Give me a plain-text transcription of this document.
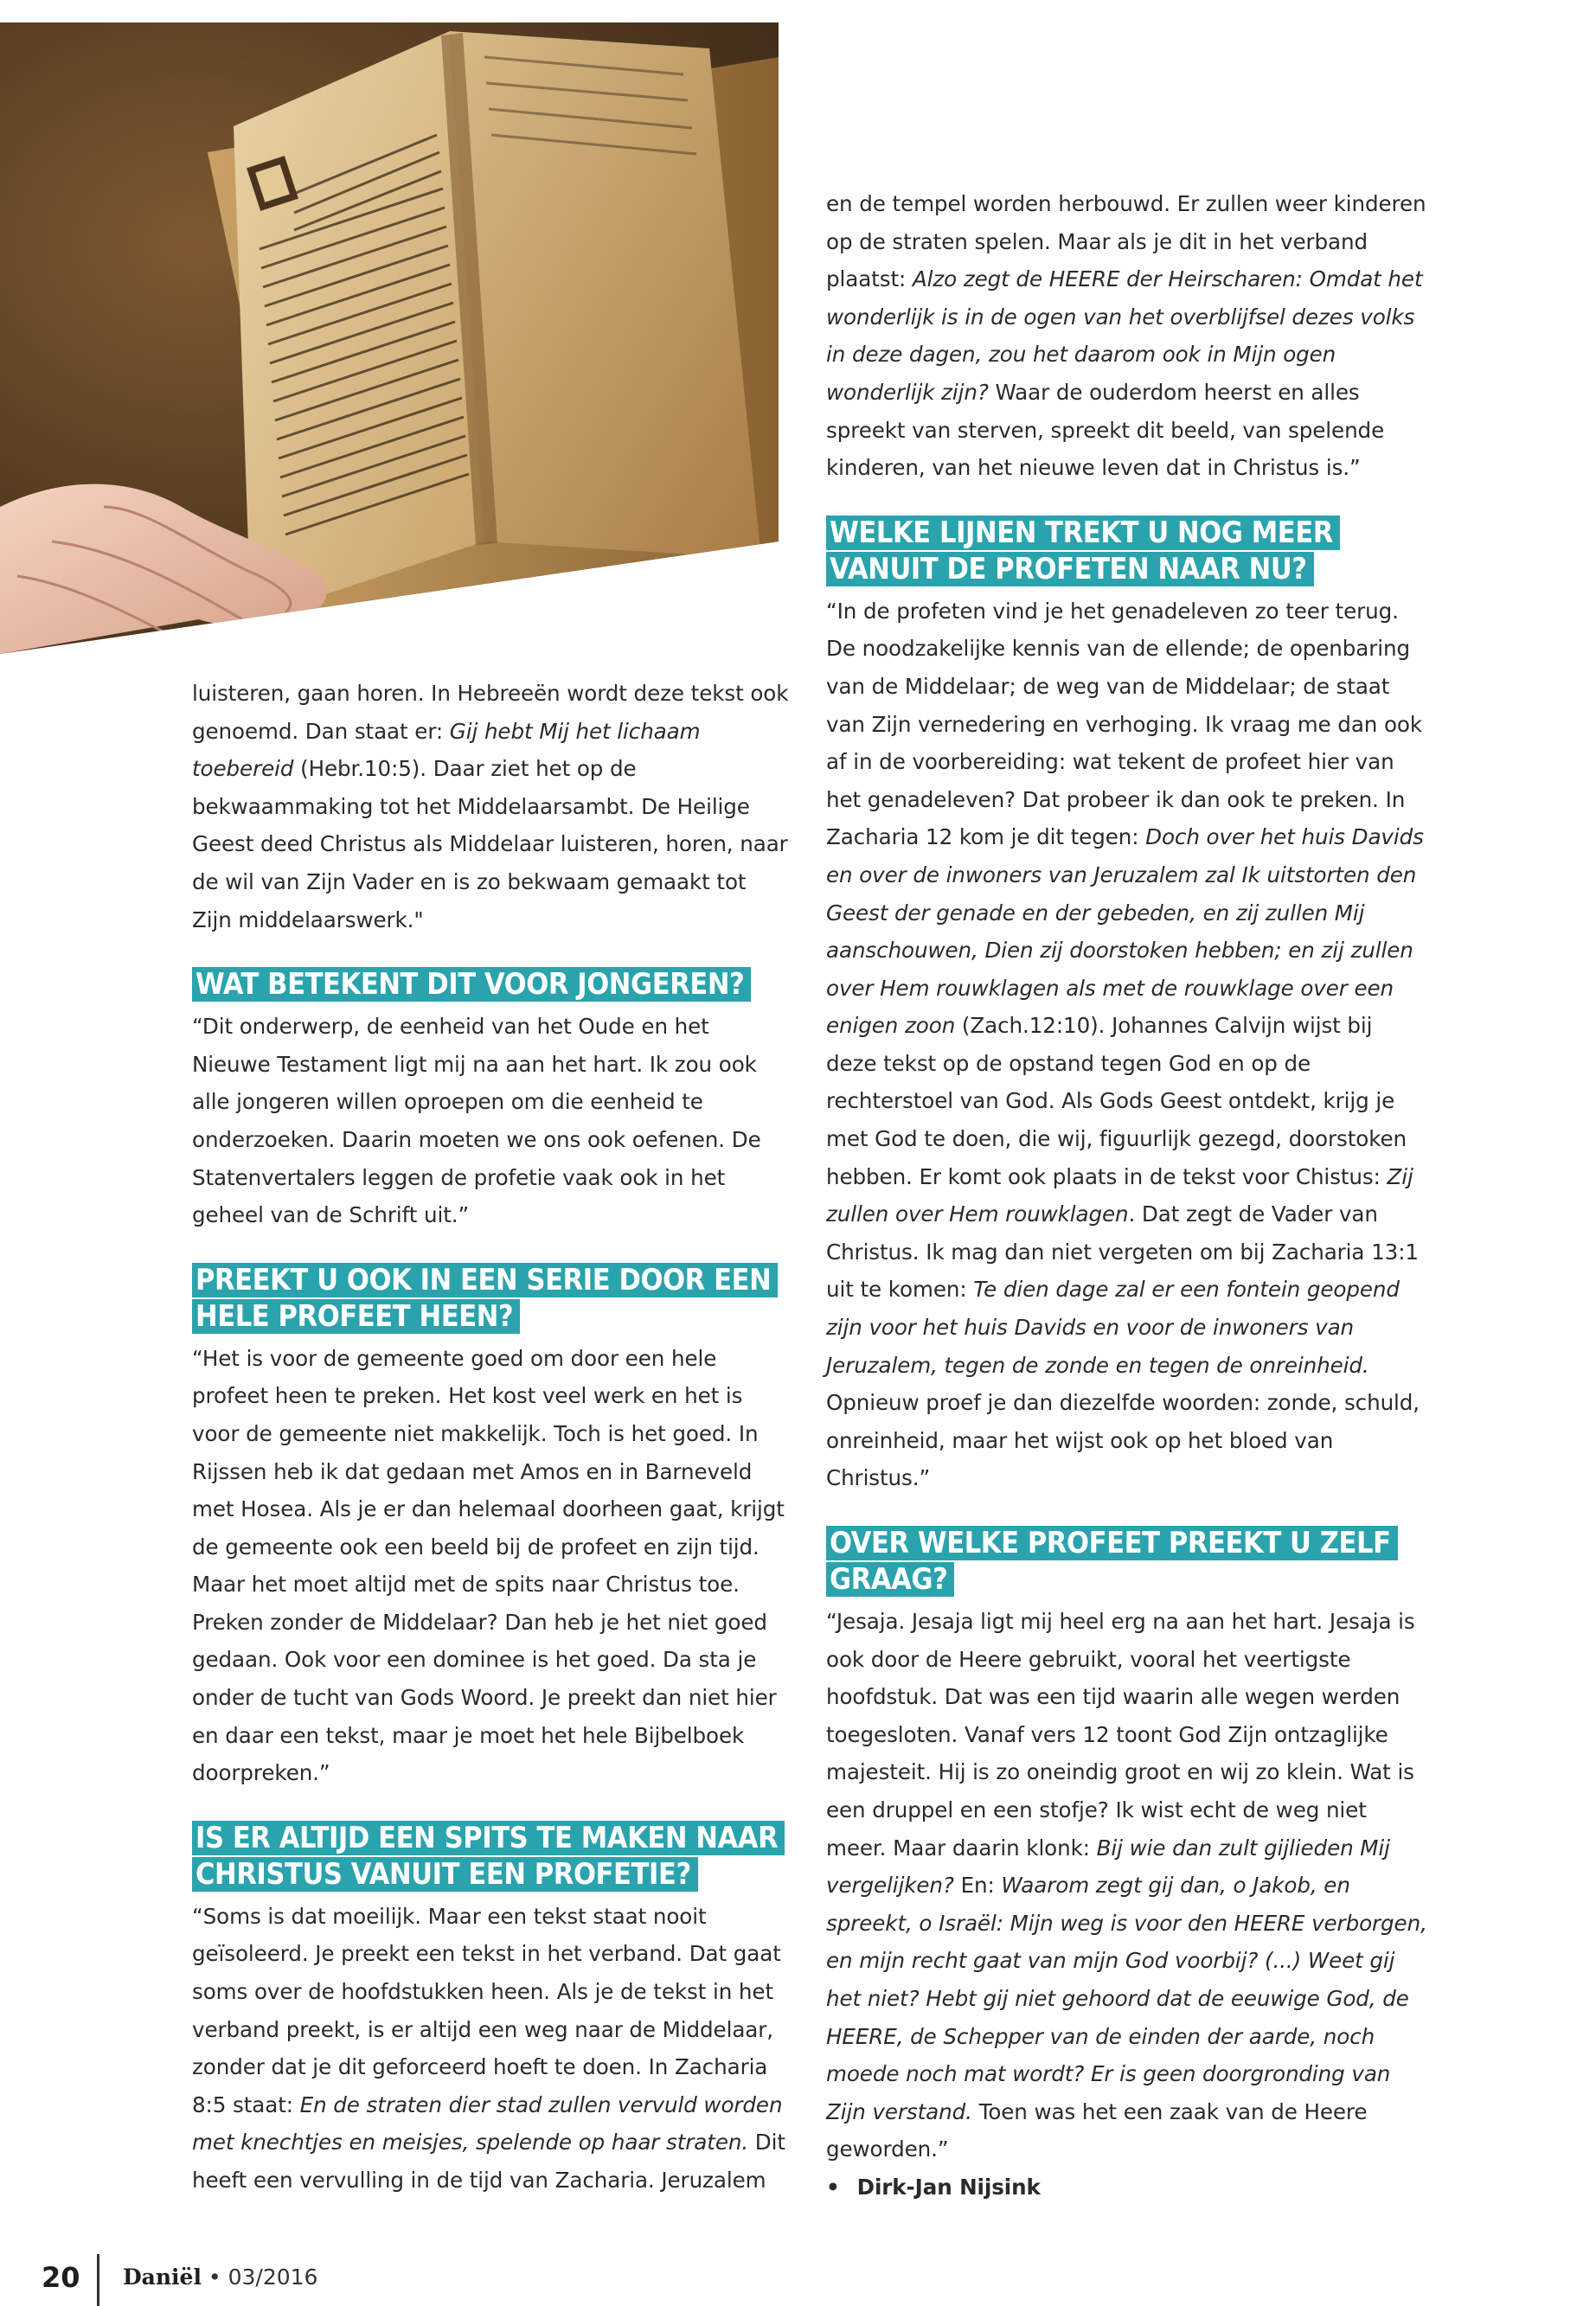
luisteren, gaan horen. In Hebreeën wordt deze tekst ook genoemd. Dan staat er: Gij hebt Mij het lichaam toebereid (Hebr.10:5). Daar ziet het op de bekwaammaking tot het Middelaarsambt. De Heilige Geest deed Christus als Middelaar luisteren, horen, naar de wil van Zijn Vader en is zo bekwaam gemaakt tot Zijn middelaarswerk."

WAT BETEKENT DIT VOOR JONGEREN?

“Dit onderwerp, de eenheid van het Oude en het Nieuwe Testament ligt mij na aan het hart. Ik zou ook alle jongeren willen oproepen om die eenheid te onderzoeken. Daarin moeten we ons ook oefenen. De Statenvertalers leggen de profetie vaak ook in het geheel van de Schrift uit.”

PREEKT U OOK IN EEN SERIE DOOR EEN HELE PROFEET HEEN?

“Het is voor de gemeente goed om door een hele profeet heen te preken. Het kost veel werk en het is voor de gemeente niet makkelijk. Toch is het goed. In Rijssen heb ik dat gedaan met Amos en in Barneveld met Hosea. Als je er dan helemaal doorheen gaat, krijgt de gemeente ook een beeld bij de profeet en zijn tijd. Maar het moet altijd met de spits naar Christus toe. Preken zonder de Middelaar? Dan heb je het niet goed gedaan. Ook voor een dominee is het goed. Da sta je onder de tucht van Gods Woord. Je preekt dan niet hier en daar een tekst, maar je moet het hele Bijbelboek doorpreken.”

IS ER ALTIJD EEN SPITS TE MAKEN NAAR CHRISTUS VANUIT EEN PROFETIE?

“Soms is dat moeilijk. Maar een tekst staat nooit geïsoleerd. Je preekt een tekst in het verband. Dat gaat soms over de hoofdstukken heen. Als je de tekst in het verband preekt, is er altijd een weg naar de Middelaar, zonder dat je dit geforceerd hoeft te doen. In Zacharia 8:5 staat: En de straten dier stad zullen vervuld worden met knechtjes en meisjes, spelende op haar straten. Dit heeft een vervulling in de tijd van Zacharia. Jeruzalem

en de tempel worden herbouwd. Er zullen weer kinderen op de straten spelen. Maar als je dit in het verband plaatst: Alzo zegt de HEERE der Heirscharen: Omdat het wonderlijk is in de ogen van het overblijfsel dezes volks in deze dagen, zou het daarom ook in Mijn ogen wonderlijk zijn? Waar de ouderdom heerst en alles spreekt van sterven, spreekt dit beeld, van spelende kinderen, van het nieuwe leven dat in Christus is.”

WELKE LIJNEN TREKT U NOG MEER VANUIT DE PROFETEN NAAR NU?

“In de profeten vind je het genadeleven zo teer terug. De noodzakelijke kennis van de ellende; de openbaring van de Middelaar; de weg van de Middelaar; de staat van Zijn vernedering en verhoging. Ik vraag me dan ook af in de voorbereiding: wat tekent de profeet hier van het genadeleven? Dat probeer ik dan ook te preken. In Zacharia 12 kom je dit tegen: Doch over het huis Davids en over de inwoners van Jeruzalem zal Ik uitstorten den Geest der genade en der gebeden, en zij zullen Mij aanschouwen, Dien zij doorstoken hebben; en zij zullen over Hem rouwklagen als met de rouwklage over een enigen zoon (Zach.12:10). Johannes Calvijn wijst bij deze tekst op de opstand tegen God en op de rechterstoel van God. Als Gods Geest ontdekt, krijg je met God te doen, die wij, figuurlijk gezegd, doorstoken hebben. Er komt ook plaats in de tekst voor Chistus: Zij zullen over Hem rouwklagen. Dat zegt de Vader van Christus. Ik mag dan niet vergeten om bij Zacharia 13:1 uit te komen: Te dien dage zal er een fontein geopend zijn voor het huis Davids en voor de inwoners van Jeruzalem, tegen de zonde en tegen de onreinheid. Opnieuw proef je dan diezelfde woorden: zonde, schuld, onreinheid, maar het wijst ook op het bloed van Christus.”

OVER WELKE PROFEET PREEKT U ZELF GRAAG?

“Jesaja. Jesaja ligt mij heel erg na aan het hart. Jesaja is ook door de Heere gebruikt, vooral het veertigste hoofdstuk. Dat was een tijd waarin alle wegen werden toegesloten. Vanaf vers 12 toont God Zijn ontzaglijke majesteit. Hij is zo oneindig groot en wij zo klein. Wat is een druppel en een stofje? Ik wist echt de weg niet meer. Maar daarin klonk: Bij wie dan zult gijlieden Mij vergelijken? En: Waarom zegt gij dan, o Jakob, en spreekt, o Israël: Mijn weg is voor den HEERE verborgen, en mijn recht gaat van mijn God voorbij? (...) Weet gij het niet? Hebt gij niet gehoord dat de eeuwige God, de HEERE, de Schepper van de einden der aarde, noch moede noch mat wordt? Er is geen doorgronding van Zijn verstand. Toen was het een zaak van de Heere geworden.”

• Dirk-Jan Nijsink

20 Daniël • 03/2016
